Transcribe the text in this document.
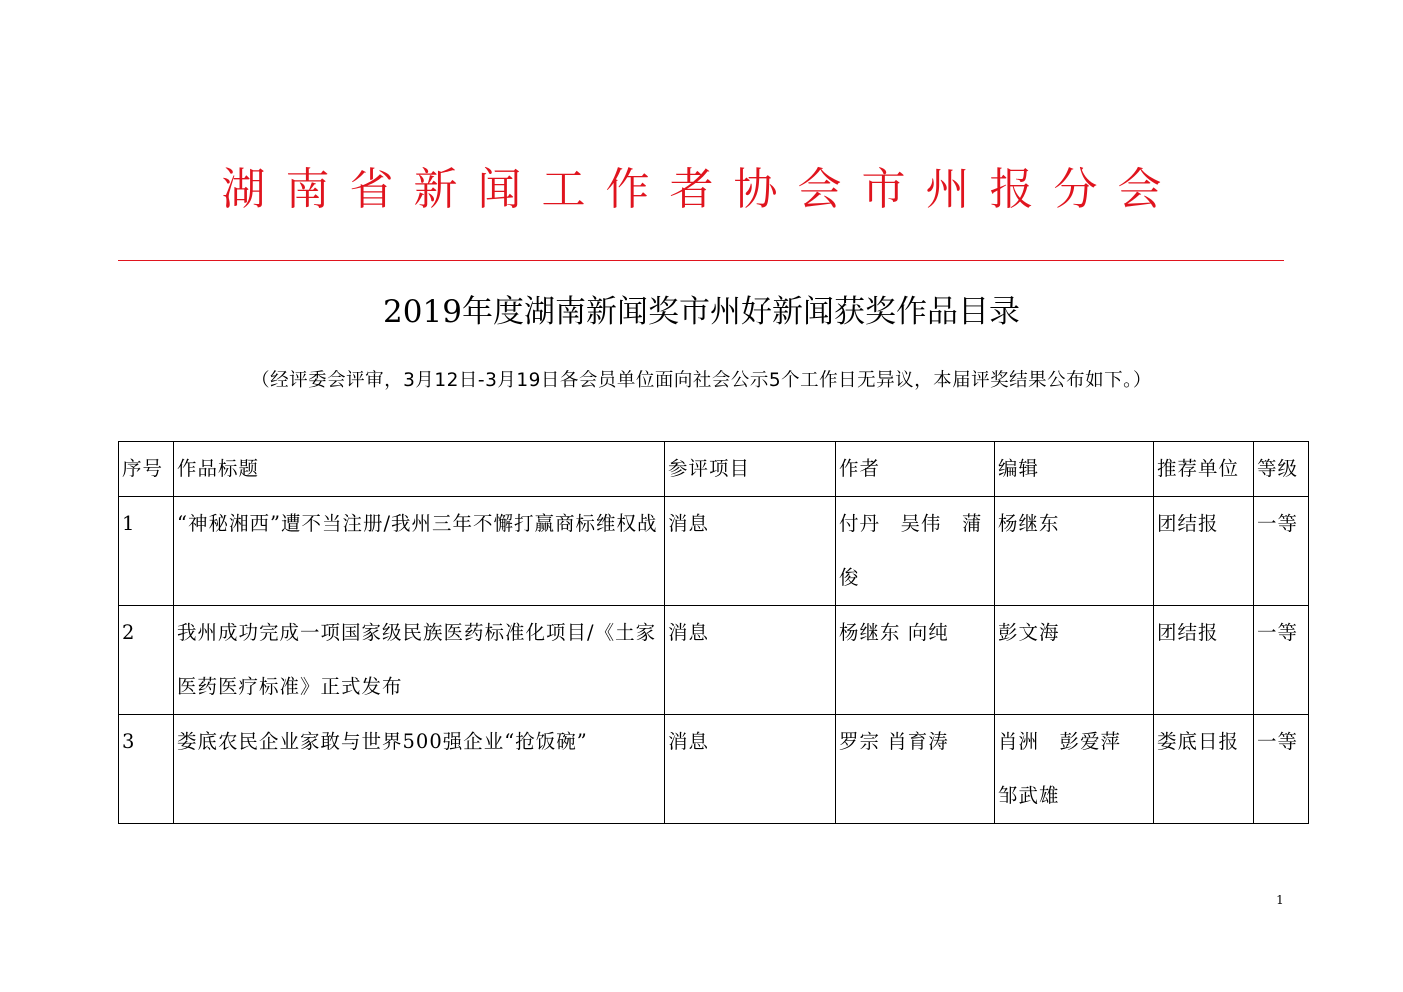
湖南省新闻工作者协会市州报分会
2019年度湖南新闻奖市州好新闻获奖作品目录
（经评委会评审，3月12日-3月19日各会员单位面向社会公示5个工作日无异议，本届评奖结果公布如下。）
序号	作品标题	参评项目	作者	编辑	推荐单位	等级
1	“神秘湘西”遭不当注册/我州三年不懈打赢商标维权战	消息	付丹　吴伟　蒲俊	杨继东	团结报	一等
2	我州成功完成一项国家级民族医药标准化项目/《土家医药医疗标准》正式发布	消息	杨继东 向纯	彭文海	团结报	一等
3	娄底农民企业家敢与世界500强企业“抢饭碗”	消息	罗宗 肖育涛	肖洲　彭爱萍　邹武雄	娄底日报	一等
1
